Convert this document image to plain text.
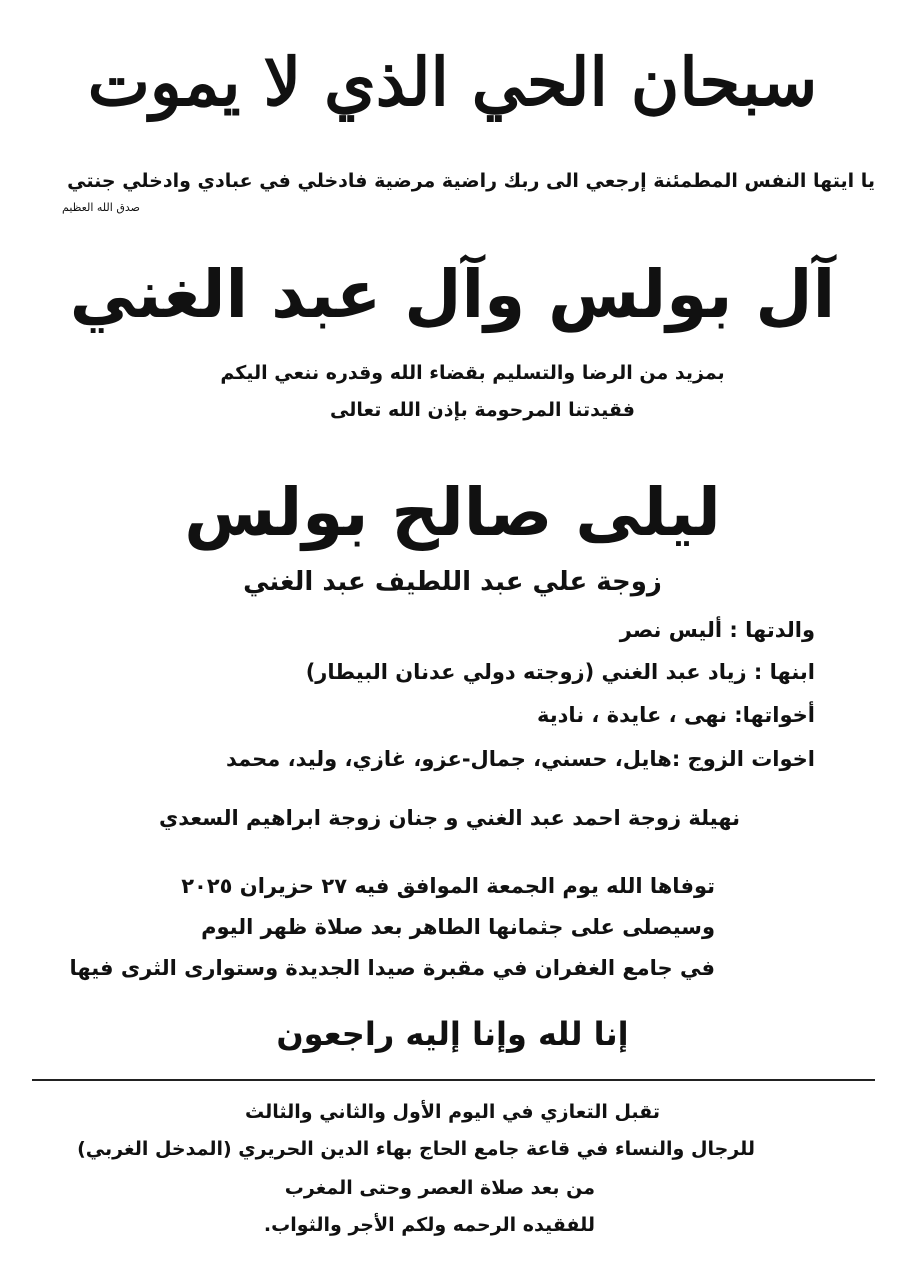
سبحان الحي الذي لا يموت
يا ايتها النفس المطمئنة إرجعي الى ربك راضية مرضية فادخلي في عبادي وادخلي جنتي
صدق الله العظيم
آل بولس وآل عبد الغني
بمزيد من الرضا والتسليم بقضاء الله وقدره ننعي اليكم
فقيدتنا المرحومة بإذن الله تعالى
ليلى صالح بولس
زوجة علي عبد اللطيف عبد الغني
والدتها : أليس نصر
ابنها : زياد عبد الغني (زوجته دولي عدنان البيطار)
أخواتها: نهى ، عايدة ، نادية
اخوات الزوج :هايل، حسني، جمال-عزو، غازي، وليد، محمد
نهيلة زوجة احمد عبد الغني و جنان زوجة ابراهيم السعدي
توفاها الله يوم الجمعة الموافق فيه ٢٧ حزيران ٢٠٢٥
وسيصلى على جثمانها الطاهر بعد صلاة ظهر اليوم
في جامع الغفران في مقبرة صيدا الجديدة وستوارى الثرى فيها
إنا لله وإنا إليه راجعون
تقبل التعازي في اليوم الأول والثاني والثالث
للرجال والنساء في قاعة جامع الحاج بهاء الدين الحريري (المدخل الغربي)
من بعد صلاة العصر وحتى المغرب
للفقيده الرحمه ولكم الأجر والثواب.
